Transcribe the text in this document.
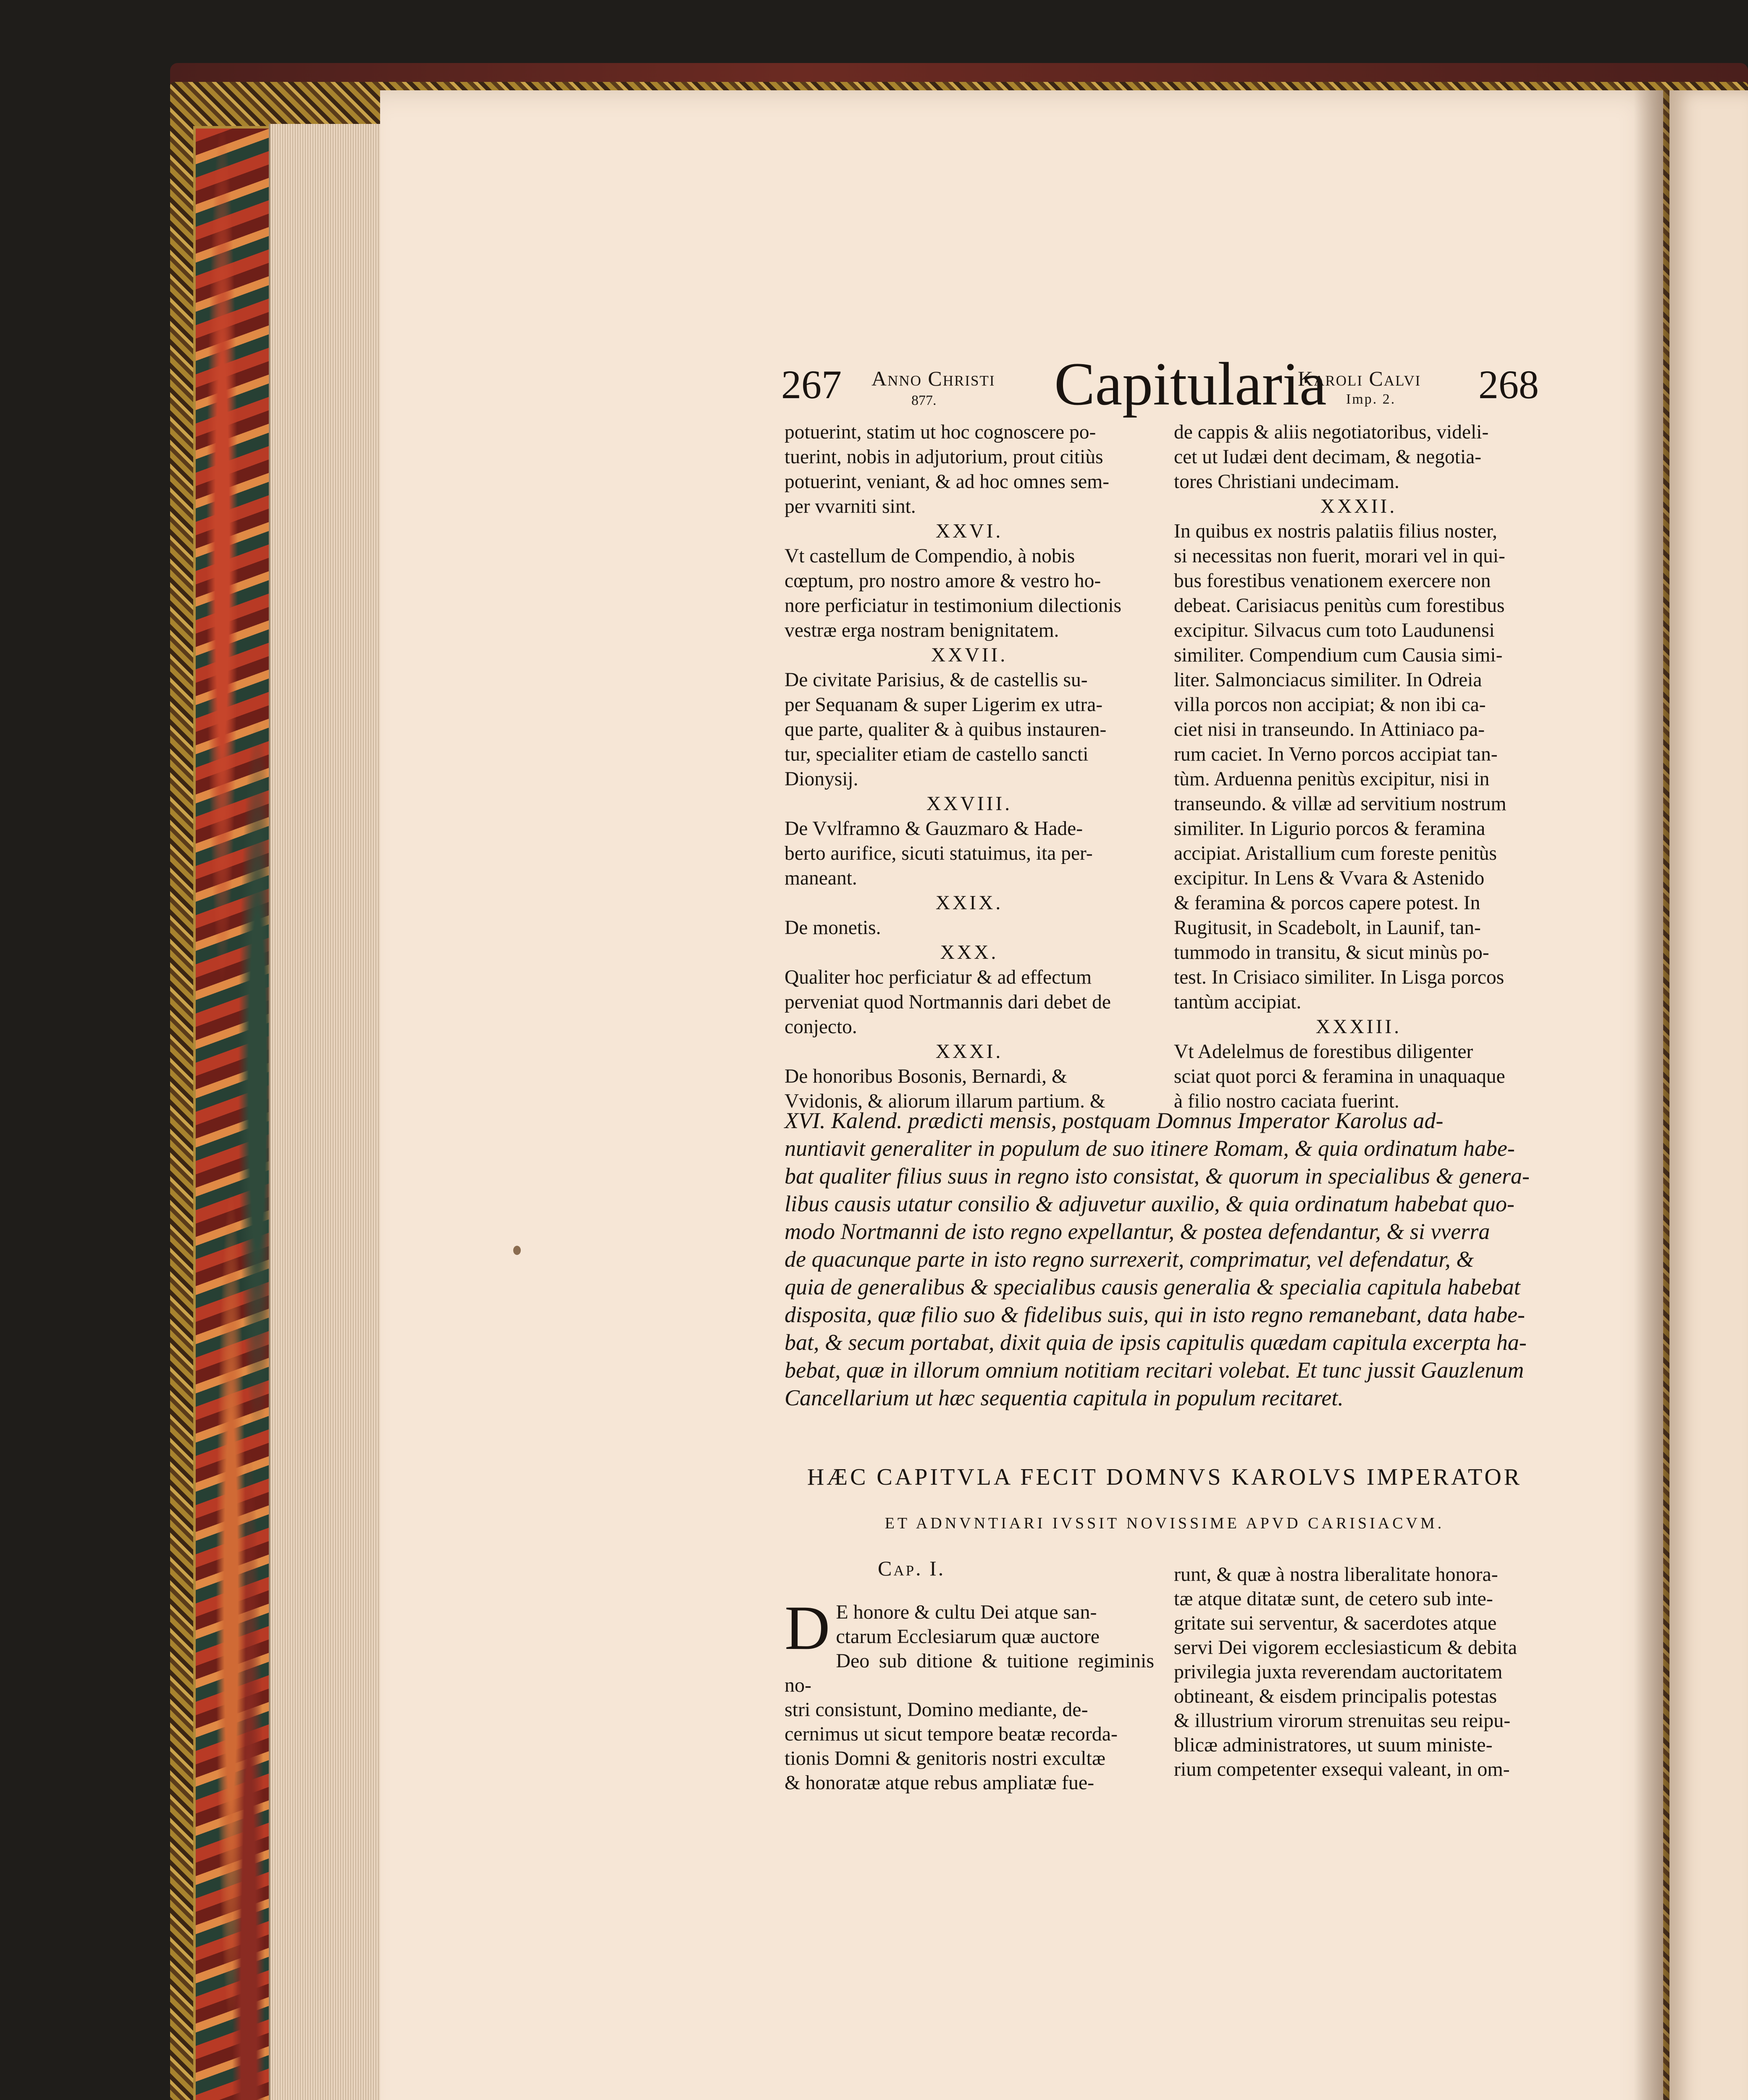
267 Anno Christi
877. Capitularia
Karoli Calvi
Imp. 2. 268

potuerint, statim ut hoc cognoscere po-

tuerint, nobis in adjutorium, prout citiùs

potuerint, veniant, & ad hoc omnes sem-

per vvarniti sint.

XXVI.

Vt castellum de Compendio, à nobis

cœptum, pro nostro amore & vestro ho-

nore perficiatur in testimonium dilectionis

vestræ erga nostram benignitatem.

XXVII.

De civitate Parisius, & de castellis su-

per Sequanam & super Ligerim ex utra-

que parte, qualiter & à quibus instauren-

tur, specialiter etiam de castello sancti

Dionysij.

XXVIII.

De Vvlframno & Gauzmaro & Hade-

berto aurifice, sicuti statuimus, ita per-

maneant.

XXIX.

De monetis.

XXX.

Qualiter hoc perficiatur & ad effectum

perveniat quod Nortmannis dari debet de

conjecto.

XXXI.

De honoribus Bosonis, Bernardi, &

Vvidonis, & aliorum illarum partium. &

de cappis & aliis negotiatoribus, videli-

cet ut Iudæi dent decimam, & negotia-

tores Christiani undecimam.

XXXII.

In quibus ex nostris palatiis filius noster,

si necessitas non fuerit, morari vel in qui-

bus forestibus venationem exercere non

debeat. Carisiacus penitùs cum forestibus

excipitur. Silvacus cum toto Laudunensi

similiter. Compendium cum Causia simi-

liter. Salmonciacus similiter. In Odreia

villa porcos non accipiat; & non ibi ca-

ciet nisi in transeundo. In Attiniaco pa-

rum caciet. In Verno porcos accipiat tan-

tùm. Arduenna penitùs excipitur, nisi in

transeundo. & villæ ad servitium nostrum

similiter. In Ligurio porcos & feramina

accipiat. Aristallium cum foreste penitùs

excipitur. In Lens & Vvara & Astenido

& feramina & porcos capere potest. In

Rugitusit, in Scadebolt, in Launif, tan-

tummodo in transitu, & sicut minùs po-

test. In Crisiaco similiter. In Lisga porcos

tantùm accipiat.

XXXIII.

Vt Adelelmus de forestibus diligenter

sciat quot porci & feramina in unaquaque

à filio nostro caciata fuerint.

XVI. Kalend. prædicti mensis, postquam Domnus Imperator Karolus ad-
nuntiavit generaliter in populum de suo itinere Romam, & quia ordinatum habe-
bat qualiter filius suus in regno isto consistat, & quorum in specialibus & genera-
libus causis utatur consilio & adjuvetur auxilio, & quia ordinatum habebat quo-
modo Nortmanni de isto regno expellantur, & postea defendantur, & si vverra
de quacunque parte in isto regno surrexerit, comprimatur, vel defendatur, &
quia de generalibus & specialibus causis generalia & specialia capitula habebat
disposita, quæ filio suo & fidelibus suis, qui in isto regno remanebant, data habe-
bat, & secum portabat, dixit quia de ipsis capitulis quædam capitula excerpta ha-
bebat, quæ in illorum omnium notitiam recitari volebat. Et tunc jussit Gauzlenum
Cancellarium ut hæc sequentia capitula in populum recitaret.
HÆC CAPITVLA FECIT DOMNVS KAROLVS IMPERATOR
ET ADNVNTIARI IVSSIT NOVISSIME APVD CARISIACVM.
Cap. I.
D E honore & cultu Dei atque san-
ctarum Ecclesiarum quæ auctore
Deo sub ditione & tuitione regiminis no-
stri consistunt, Domino mediante, de-
cernimus ut sicut tempore beatæ recorda-
tionis Domni & genitoris nostri excultæ
& honoratæ atque rebus ampliatæ fue-
runt, & quæ à nostra liberalitate honora-
tæ atque ditatæ sunt, de cetero sub inte-
gritate sui serventur, & sacerdotes atque
servi Dei vigorem ecclesiasticum & debita
privilegia juxta reverendam auctoritatem
obtineant, & eisdem principalis potestas
& illustrium virorum strenuitas seu reipu-
blicæ administratores, ut suum ministe-
rium competenter exsequi valeant, in om-
